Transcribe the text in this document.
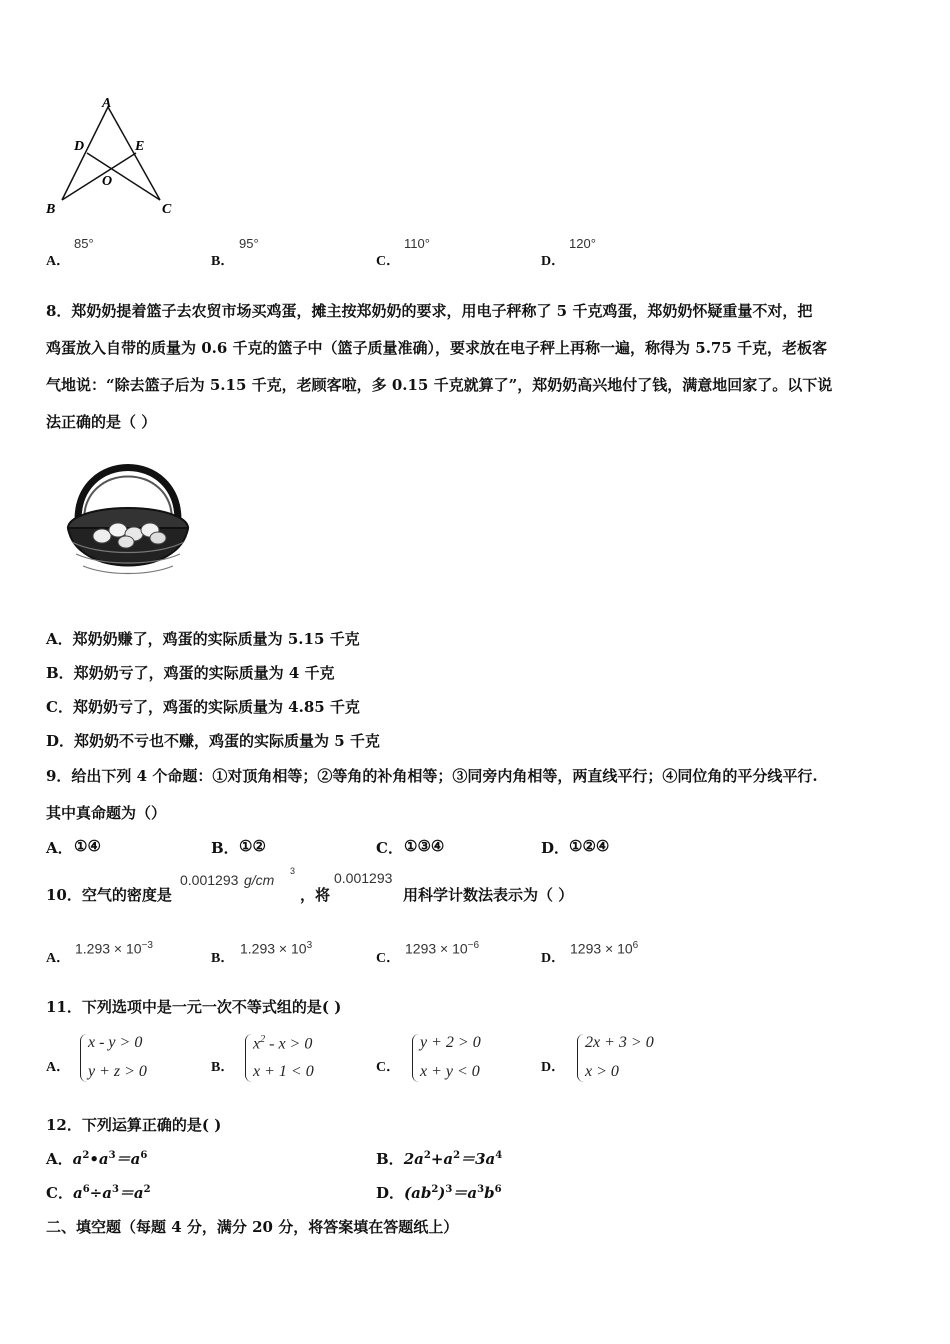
A
D	E
O
B	C
A．
85°
B．
95°
C．
110°
D．
120°
8．郑奶奶提着篮子去农贸市场买鸡蛋，摊主按郑奶奶的要求，用电子秤称了 5 千克鸡蛋，郑奶奶怀疑重量不对，把
鸡蛋放入自带的质量为 0.6 千克的篮子中（篮子质量准确），要求放在电子秤上再称一遍，称得为 5.75 千克，老板客
气地说：“除去篮子后为 5.15 千克，老顾客啦，多 0.15 千克就算了”，郑奶奶高兴地付了钱，满意地回家了。以下说
法正确的是（ ）
A．郑奶奶赚了，鸡蛋的实际质量为 5.15 千克
B．郑奶奶亏了，鸡蛋的实际质量为 4 千克
C．郑奶奶亏了，鸡蛋的实际质量为 4.85 千克
D．郑奶奶不亏也不赚，鸡蛋的实际质量为 5 千克
9．给出下列 4 个命题：①对顶角相等；②等角的补角相等；③同旁内角相等，两直线平行；④同位角的平分线平行.
其中真命题为（）
A． ①④	B． ①②	C． ①③④	D． ①②④
10．空气的密度是
0.001293 g/cm
3
，将
0.001293
用科学计数法表示为（ ）
A．
$1.293 \times 10^{-3}$
B．
$1.293 \times 10^3$
C．
$1293 \times 10^{-6}$
D．
$1293 \times 10^6$
11．下列选项中是一元一次不等式组的是( )
A．
x - y > 0
y + z > 0	B．
$x^2 - x > 0$
x + 1 < 0	C．
y + 2 > 0
x + y < 0	D．
2x + 3 > 0
x > 0
12．下列运算正确的是( )
A．$a^2•a^3=a^6$	B．$2a^2+a^2=3a^4$
C．$a^6\div a^3=a^2$	D．$(ab^2)^3=a^3b^6$
二、填空题（每题 4 分，满分 20 分，将答案填在答题纸上）
